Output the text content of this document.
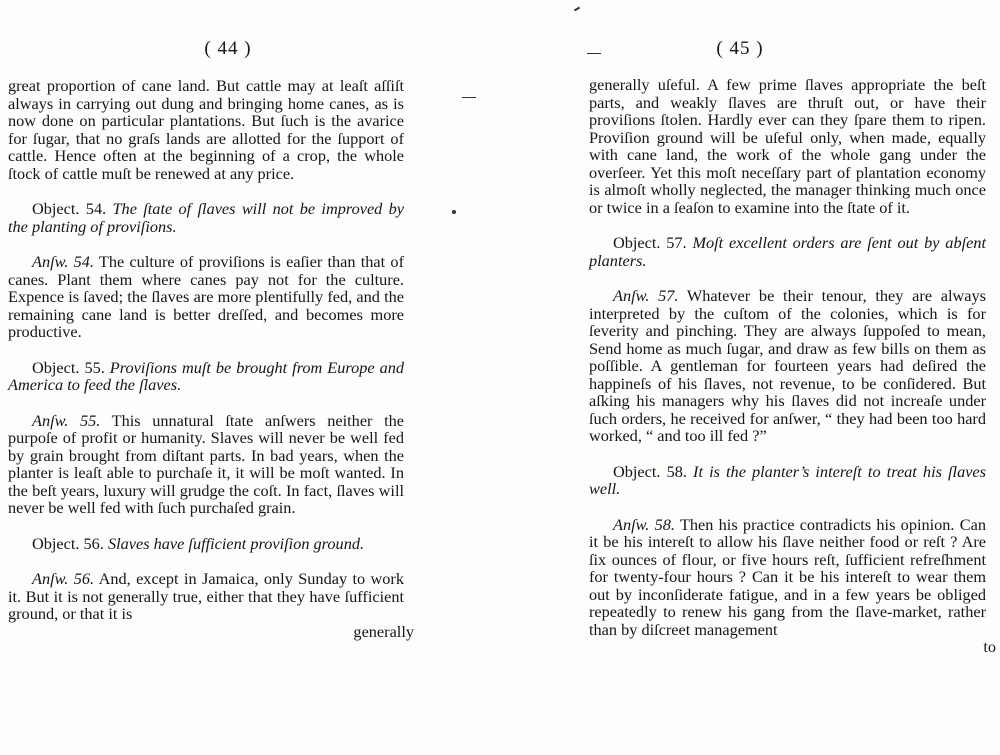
( 44 )

great proportion of cane land. But cattle may at leaſt aſſiſt always in carrying out dung and bringing home canes, as is now done on particular plantations. But ſuch is the avarice for ſugar, that no graſs lands are allotted for the ſupport of cattle. Hence often at the beginning of a crop, the whole ſtock of cattle muſt be renewed at any price.

Object. 54. The ſtate of ſlaves will not be improved by the planting of proviſions.

Anſw. 54. The culture of proviſions is eaſier than that of canes. Plant them where canes pay not for the culture. Expence is ſaved; the ſlaves are more plentifully fed, and the remaining cane land is better dreſſed, and becomes more productive.

Object. 55. Proviſions muſt be brought from Europe and America to feed the ſlaves.

Anſw. 55. This unnatural ſtate anſwers neither the purpoſe of profit or humanity. Slaves will never be well fed by grain brought from diſtant parts. In bad years, when the planter is leaſt able to purchaſe it, it will be moſt wanted. In the beſt years, luxury will grudge the coſt. In fact, ſlaves will never be well fed with ſuch purchaſed grain.

Object. 56. Slaves have ſufficient proviſion ground.

Anſw. 56. And, except in Jamaica, only Sunday to work it. But it is not generally true, either that they have ſufficient ground, or that it is

generally
( 45 )

generally uſeful. A few prime ſlaves appropriate the beſt parts, and weakly ſlaves are thruſt out, or have their proviſions ſtolen. Hardly ever can they ſpare them to ripen. Proviſion ground will be uſeful only, when made, equally with cane land, the work of the whole gang under the overſeer. Yet this moſt neceſſary part of plantation economy is almoſt wholly neglected, the manager thinking much once or twice in a ſeaſon to examine into the ſtate of it.

Object. 57. Moſt excellent orders are ſent out by abſent planters.

Anſw. 57. Whatever be their tenour, they are always interpreted by the cuſtom of the colonies, which is for ſeverity and pinching. They are always ſuppoſed to mean, Send home as much ſugar, and draw as few bills on them as poſſible. A gentleman for fourteen years had deſired the happineſs of his ſlaves, not revenue, to be conſidered. But aſking his managers why his ſlaves did not increaſe under ſuch orders, he received for anſwer, “ they had been too hard worked, “ and too ill fed ?”

Object. 58. It is the planter’s intereſt to treat his ſlaves well.

Anſw. 58. Then his practice contradicts his opinion. Can it be his intereſt to allow his ſlave neither food or reſt ? Are ſix ounces of flour, or five hours reſt, ſufficient refreſhment for twenty-four hours ? Can it be his intereſt to wear them out by inconſiderate fatigue, and in a few years be obliged repeatedly to renew his gang from the ſlave-market, rather than by diſcreet management

to
